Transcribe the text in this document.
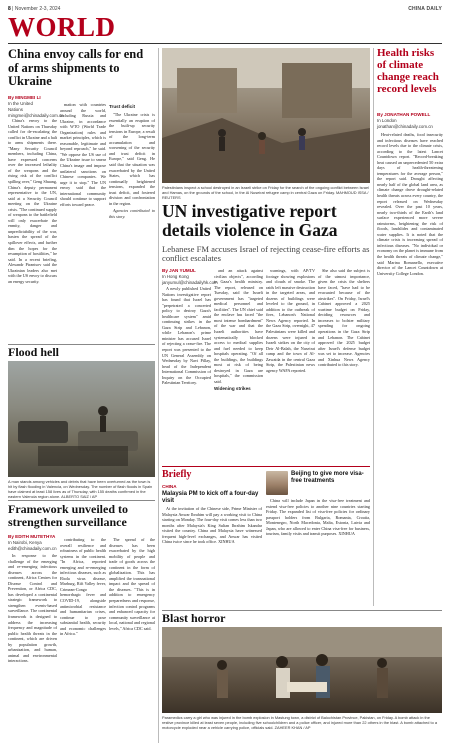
8 | November 2-3, 2024	CHINA DAILY
WORLD
China envoy calls for end of arms shipments to Ukraine
By MINGMEI LI
In the United Nations
mingmei@chinadaily.com.cn

China's envoy to the United Nations on Thursday called for de-escalating the conflict in Ukraine and a halt to arms shipments there. "Many Security Council members, including China, have expressed concerns over the increased lethality of the weapons and the rising risk of the conflict spilling over," Geng Shuang, China's deputy permanent representative to the UN, said at a Security Council meeting on the Ukraine crisis. "The continued supply of weapons to the battlefield will only exacerbate the enmity, danger and unpredictability of the war, hasten the spread of the spillover effects, and further dim the hopes for the resumption of hostilities," he said. In a recent briefing, Alexandr Pirantsov said the Ukrainian leaders also met with the US envoy to discuss an energy security.

mation with countries around the world, including Russia and Ukraine, in accordance with WTO (World Trade Organization) rules and market principles, which is reasonable, legitimate and beyond reproach," he said. "We oppose the US use of the Ukraine issue to smear China's image and impose unilateral sanctions on Chinese companies. We urge it to stop." The UN envoy said that the international community should continue to support efforts toward peace.

Trust deficit

"The Ukraine crisis is essentially an eruption of the built-up security tensions in Europe, a result of the long-term accumulation and worsening of the security and trust deficit in Europe," said Geng. He said that the situation was exacerbated by the United States, which has continually heightened tensions, expanded the trust deficit, and fostered division and confrontation in the region.

Agencies contributed to this story.

Flood hell
A man stands among vehicles and debris that have been overturned as the town is hit by flash flooding in Valencia, on Wednesday. The number of flash floods in Spain have claimed at least 158 lives as of Thursday, with 155 deaths confirmed in the eastern Valencia region alone. ALBERTO SAIZ / AP
Framework unveiled to strengthen surveillance
By EDITH MUTETHYA
In Nairobi, Kenya
edith@chinadaily.com.cn

In response to the challenge of the emerging and re-emerging infectious diseases across the continent, Africa Centres for Disease Control and Prevention, or Africa CDC, has developed a continental strategic framework to strengthen events-based surveillance. The continental framework is designed to address the increasing frequency and magnitude of public health threats in the continent, which are driven by population growth, urbanization, and human, animal and environmental interactions.

contributing to the overall resilience and robustness of public health systems in the continent. "In Africa, reported emerging and re-emerging infectious diseases, such as Ebola virus disease, Marburg, Rift Valley fever, Crimean-Congo hemorrhagic fever and COVID-19, alongside antimicrobial resistance and humanitarian crises, continue to pose substantial health, security and economic challenges in Africa."

The spread of the diseases has been exacerbated by the high mobility of people and trade of goods across the continent in the form of globalization. This has amplified the transnational impact and the spread of the diseases. "This is in addition to emergency preparedness and response, infection control programs and enhanced capacity for community surveillance at local, national and regional levels," Africa CDC said.

Palestinians inspect a school destroyed in an Israeli strike on Friday for the search of the ongoing conflict between Israel and Hamas, on the grounds of the school, in the Al Nuseirat refugee camp in central Gaza on Friday. MAHMOUD ISSA / REUTERS
UN investigative report details violence in Gaza
Lebanese FM accuses Israel of rejecting cease-fire efforts as conflict escalates
By JAN YUMUL
In Hong Kong
janyumul@chinadailyhk.com

A newly published United Nations investigative report has found that Israel has "perpetrated a concerted policy to destroy Gaza's healthcare system" amid continuing strikes in the Gaza Strip and Lebanon, while Lebanon's prime minister has accused Israel of rejecting a cease-fire. The report was presented to the UN General Assembly on Wednesday by Navi Pillay, head of the Independent International Commission of Inquiry on the Occupied Palestinian Territory.

and an attack against civilian objects", according to Gaza's health ministry. The report, released on Tuesday, said the Israeli government has "targeted medical personnel and facilities". The UN chief said the enclave has faced "the most intense bombardment" of the war and that the Israeli authorities have systematically blocked access to medical supplies and fuel needed to keep hospitals operating. "Of all the buildings, the buildings most at risk of being destroyed in Gaza are hospitals," the commission said.

Widening strikes

warnings, with AP/TV footage showing explosions and clouds of smoke. The raids left massive destruction in the targeted areas, and dozens of buildings were leveled to the ground, in addition to the outbreak of fires, Lebanon's National News Agency reported. In the Gaza Strip, overnight, 47 Palestinians were killed and dozens were injured in Israeli strikes on the city of Deir Al-Balah, the Nuseirat camp and the town of Al-Zawaida in the central Gaza Strip, the Palestinian news agency WAFA reported.

She also said the subject is of the utmost importance, given the crisis the shelters have faced, "have had to be evacuated because of the airstrikes". On Friday, Israel's Cabinet approved a 2025 wartime budget on Friday, deciding resources and increases to bolster military spending for ongoing operations in the Gaza Strip and Lebanon. The Cabinet approved the 2025 budget after Israel's defense budget was set to increase. Agencies and Xinhua News Agency contributed to this story.

Briefly
CHINA
Malaysia PM to kick off a four-day visit

At the invitation of the Chinese side, Prime Minister of Malaysia Anwar Ibrahim will pay a working visit to China starting on Monday. The four-day visit comes less than two months after Malaysia's King Sultan Ibrahim Iskandar visited the country. China and Malaysia have witnessed frequent high-level exchanges, and Anwar has visited China twice since he took office. XINHUA

Beijing to give more visa-free treatments

China will include Japan in the visa-free treatment and extend visa-free policies to another nine countries starting Friday. The expanded list of visa-free policies for ordinary passport holders from Bulgaria, Romania, Croatia, Montenegro, North Macedonia, Malta, Estonia, Latvia and Japan, who are allowed to enter China visa-free for business, tourism, family visits and transit purposes. XINHUA

Blast horror
Paramedics carry a girl who was injured in the bomb explosion in Mastung town, a district of Balochistan Province, Pakistan, on Friday. A bomb attack in the restive province killed at least seven people, including five schoolchildren and a police officer, and injured more than 22 others in the blast. A bomb attached to a motorcycle exploded near a vehicle carrying police, officials said. ZAHEER KHAN / AP
Health risks of climate change reach record levels
By JONATHAN POWELL
In London
jonathan@chinadaily.com.cn

Heat-related deaths, food insecurity and infectious diseases have reached record levels due to the climate crisis, according to the latest Lancet Countdown report. "Record-breaking heat caused an unprecedented 50 extra days of health-threatening temperatures for the average person," the report said. Drought affecting nearly half of the global land area, as climate change drove drought-related health threats across every country, the report released on Wednesday revealed. Over the past 10 years, nearly two-thirds of the Earth's land surface experienced more severe rainstorms, heightening the risk of floods, landslides and contaminated water supplies. It is noted that the climate crisis is increasing spread of infectious diseases. "No individual or economy on the planet is immune from the health threats of climate change," said Marina Romanello, executive director of the Lancet Countdown at University College London.
